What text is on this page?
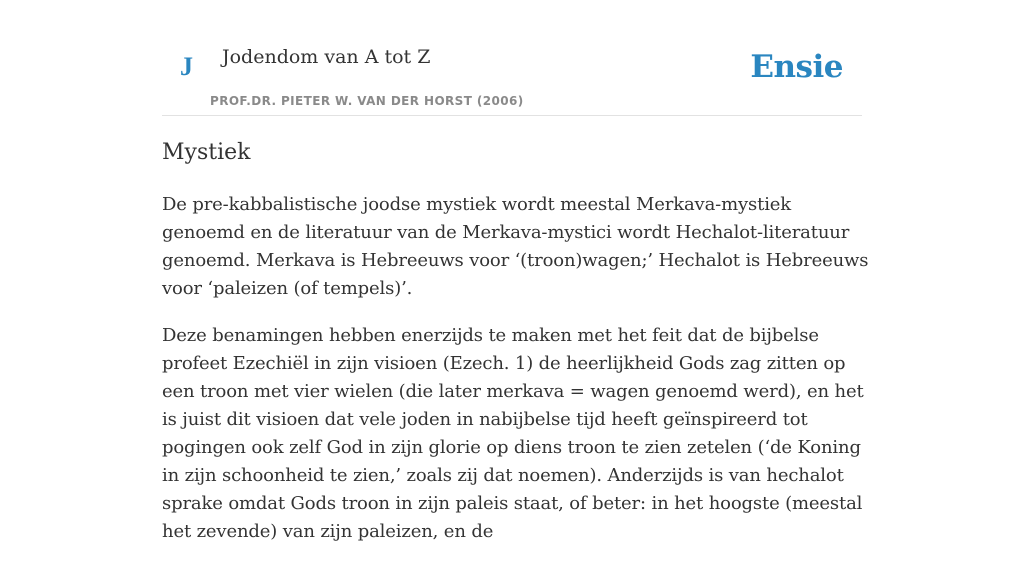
J Jodendom van A tot Z
PROF.DR. PIETER W. VAN DER HORST (2006)
Ensie
Mystiek

De pre-kabbalistische joodse mystiek wordt meestal Merkava-mystiek genoemd en de literatuur van de Merkava-mystici wordt Hechalot-literatuur genoemd. Merkava is Hebreeuws voor ‘(troon)wagen;’ Hechalot is Hebreeuws voor ‘paleizen (of tempels)’.

Deze benamingen hebben enerzijds te maken met het feit dat de bijbelse profeet Ezechiël in zijn visioen (Ezech. 1) de heerlijkheid Gods zag zitten op een troon met vier wielen (die later merkava = wagen genoemd werd), en het is juist dit visioen dat vele joden in nabijbelse tijd heeft geïnspireerd tot pogingen ook zelf God in zijn glorie op diens troon te zien zetelen (‘de Koning in zijn schoonheid te zien,’ zoals zij dat noemen). Anderzijds is van hechalot sprake omdat Gods troon in zijn paleis staat, of beter: in het hoogste (meestal het zevende) van zijn paleizen, en de
